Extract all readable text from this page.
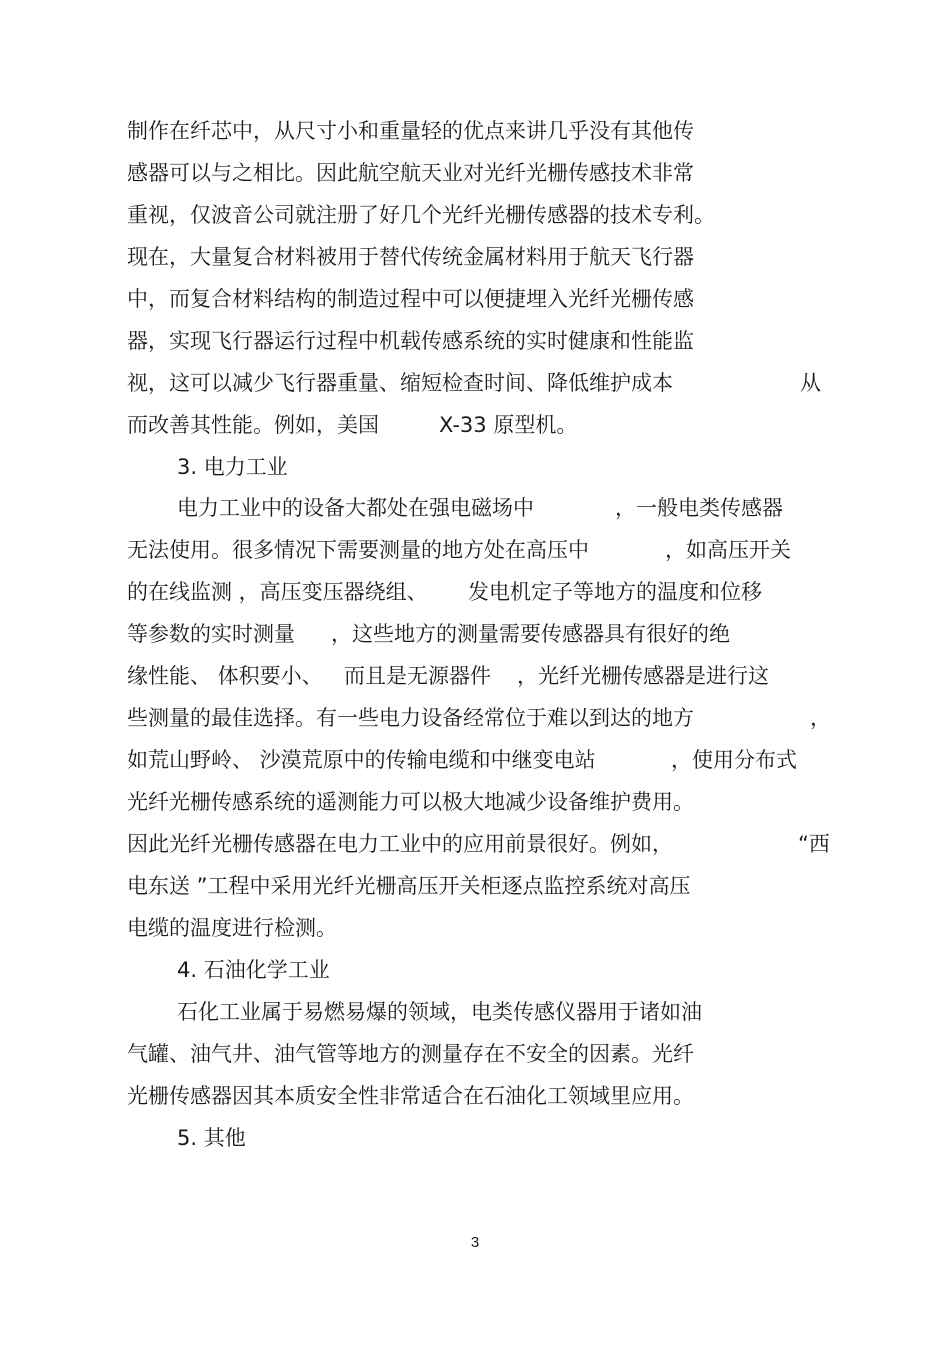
制作在纤芯中，从尺寸小和重量轻的优点来讲几乎没有其他传
感器可以与之相比。因此航空航天业对光纤光栅传感技术非常
重视，仅波音公司就注册了好几个光纤光栅传感器的技术专利。
现在，大量复合材料被用于替代传统金属材料用于航天飞行器
中，而复合材料结构的制造过程中可以便捷埋入光纤光栅传感
器，实现飞行器运行过程中机载传感系统的实时健康和性能监
视，这可以减少飞行器重量、缩短检查时间、降低维护成本	从
而改善其性能。例如，美国	X-33 原型机。
3. 电力工业
电力工业中的设备大都处在强电磁场中	，一般电类传感器
无法使用。很多情况下需要测量的地方处在高压中	，如高压开关
的在线监测 ，高压变压器绕组、 发电机定子等地方的温度和位移
等参数的实时测量 ，这些地方的测量需要传感器具有很好的绝
缘性能、 体积要小、 而且是无源器件 ，光纤光栅传感器是进行这
些测量的最佳选择。有一些电力设备经常位于难以到达的地方	，
如荒山野岭、 沙漠荒原中的传输电缆和中继变电站	，使用分布式
光纤光栅传感系统的遥测能力可以极大地减少设备维护费用。
因此光纤光栅传感器在电力工业中的应用前景很好。例如，	“西
电东送 ”工程中采用光纤光栅高压开关柜逐点监控系统对高压
电缆的温度进行检测。
4. 石油化学工业
石化工业属于易燃易爆的领域，电类传感仪器用于诸如油
气罐、油气井、油气管等地方的测量存在不安全的因素。光纤
光栅传感器因其本质安全性非常适合在石油化工领域里应用。
5. 其他
3
